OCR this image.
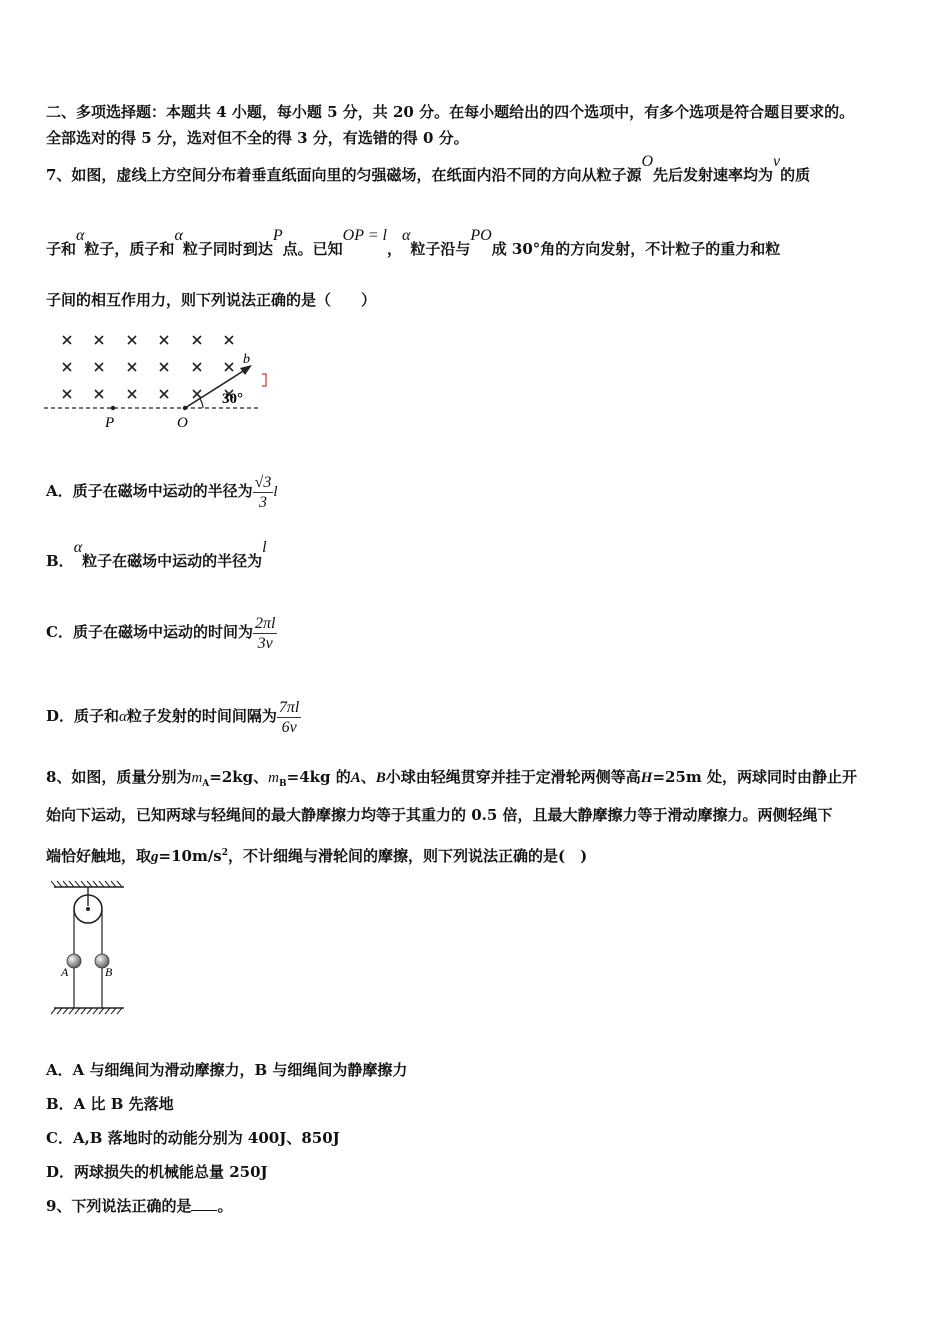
二、多项选择题：本题共 4 小题，每小题 5 分，共 20 分。在每小题给出的四个选项中，有多个选项是符合题目要求的。
全部选对的得 5 分，选对但不全的得 3 分，有选错的得 0 分。
7、如图，虚线上方空间分布着垂直纸面向里的匀强磁场，在纸面内沿不同的方向从粒子源O先后发射速率均为v的质
子和α粒子，质子和α粒子同时到达P点。已知OP = l，α粒子沿与PO成 30°角的方向发射，不计粒子的重力和粒
子间的相互作用力，则下列说法正确的是（　　）
b
30°
P	O
A．质子在磁场中运动的半径为 $\frac{√3}{3}$ l
B．α粒子在磁场中运动的半径为l
C．质子在磁场中运动的时间为 $\frac{2\pi l}{3v}$
D．质子和α粒子发射的时间间隔为 $\frac{7\pi l}{6v}$
8、如图，质量分别为$m_A=2kg$、$m_B=4kg$ 的A、B小球由轻绳贯穿并挂于定滑轮两侧等高H=25m 处，两球同时由静止开
始向下运动，已知两球与轻绳间的最大静摩擦力均等于其重力的 0.5 倍，且最大静摩擦力等于滑动摩擦力。两侧轻绳下
端恰好触地，取$g=10m/s^2$，不计细绳与滑轮间的摩擦，则下列说法正确的是(　)
A	B
A．A 与细绳间为滑动摩擦力，B 与细绳间为静摩擦力
B．A 比 B 先落地
C．A,B 落地时的动能分别为 400J、850J
D．两球损失的机械能总量 250J
9、下列说法正确的是 。
